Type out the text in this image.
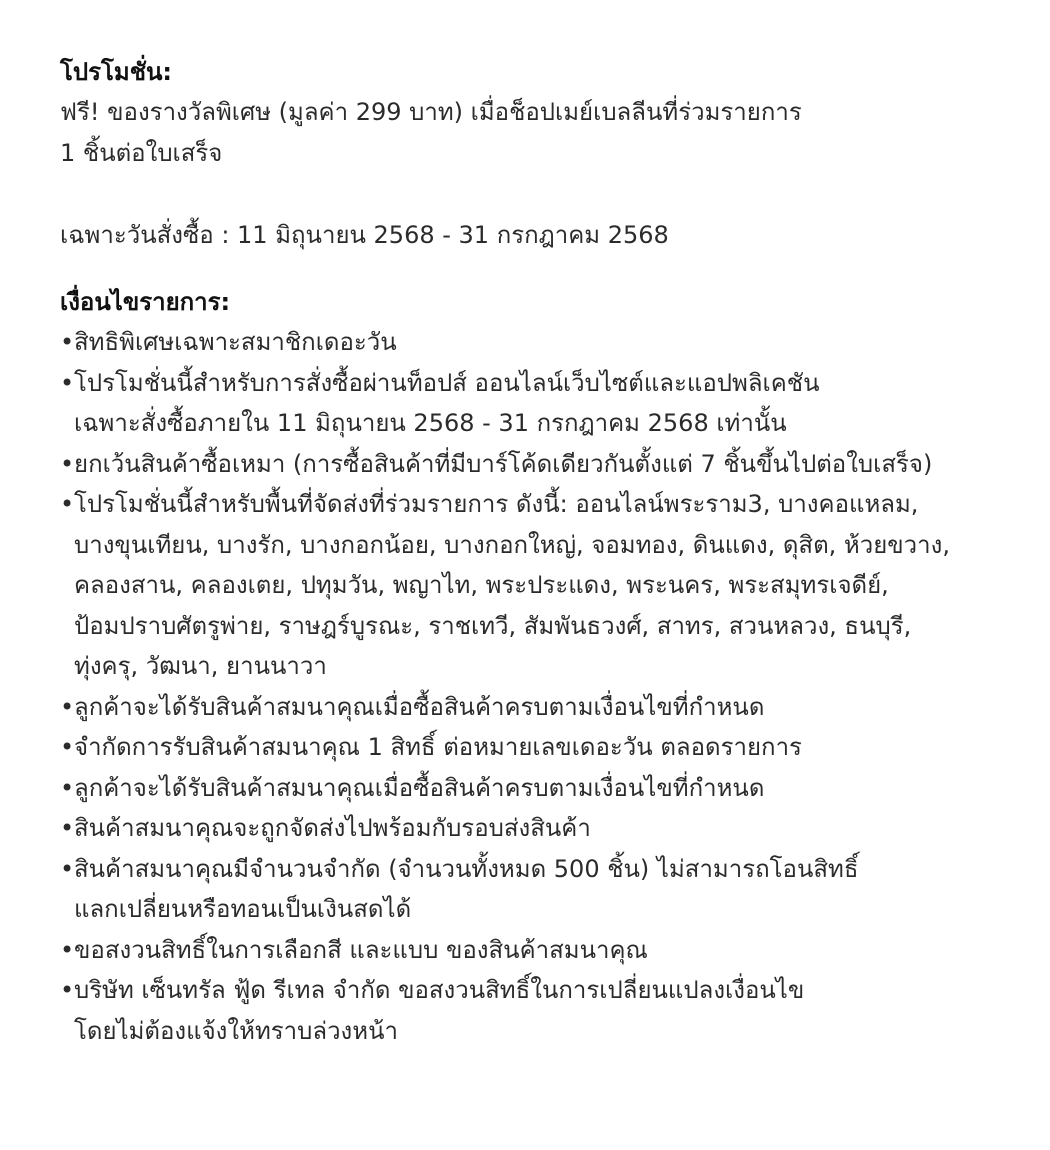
โปรโมชั่น:
ฟรี! ของรางวัลพิเศษ (มูลค่า 299 บาท) เมื่อช็อปเมย์เบลลีนที่ร่วมรายการ
1 ชิ้นต่อใบเสร็จ
เฉพาะวันสั่งซื้อ : 11 มิถุนายน 2568 - 31 กรกฎาคม 2568
เงื่อนไขรายการ:
• สิทธิพิเศษเฉพาะสมาชิกเดอะวัน
• โปรโมชั่นนี้สำหรับการสั่งซื้อผ่านท็อปส์ ออนไลน์เว็บไซต์และแอปพลิเคชัน
เฉพาะสั่งซื้อภายใน 11 มิถุนายน 2568 - 31 กรกฎาคม 2568 เท่านั้น
• ยกเว้นสินค้าซื้อเหมา (การซื้อสินค้าที่มีบาร์โค้ดเดียวกันตั้งแต่ 7 ชิ้นขึ้นไปต่อใบเสร็จ)
• โปรโมชั่นนี้สำหรับพื้นที่จัดส่งที่ร่วมรายการ ดังนี้: ออนไลน์พระราม3, บางคอแหลม,
บางขุนเทียน, บางรัก, บางกอกน้อย, บางกอกใหญ่, จอมทอง, ดินแดง, ดุสิต, ห้วยขวาง,
คลองสาน, คลองเตย, ปทุมวัน, พญาไท, พระประแดง, พระนคร, พระสมุทรเจดีย์,
ป้อมปราบศัตรูพ่าย, ราษฎร์บูรณะ, ราชเทวี, สัมพันธวงศ์, สาทร, สวนหลวง, ธนบุรี,
ทุ่งครุ, วัฒนา, ยานนาวา
• ลูกค้าจะได้รับสินค้าสมนาคุณเมื่อซื้อสินค้าครบตามเงื่อนไขที่กำหนด
• จำกัดการรับสินค้าสมนาคุณ 1 สิทธิ์ ต่อหมายเลขเดอะวัน ตลอดรายการ
• ลูกค้าจะได้รับสินค้าสมนาคุณเมื่อซื้อสินค้าครบตามเงื่อนไขที่กำหนด
• สินค้าสมนาคุณจะถูกจัดส่งไปพร้อมกับรอบส่งสินค้า
• สินค้าสมนาคุณมีจำนวนจำกัด (จำนวนทั้งหมด 500 ชิ้น) ไม่สามารถโอนสิทธิ์
แลกเปลี่ยนหรือทอนเป็นเงินสดได้
• ขอสงวนสิทธิ์ในการเลือกสี และแบบ ของสินค้าสมนาคุณ
• บริษัท เซ็นทรัล ฟู้ด รีเทล จำกัด ขอสงวนสิทธิ์ในการเปลี่ยนแปลงเงื่อนไข
โดยไม่ต้องแจ้งให้ทราบล่วงหน้า
